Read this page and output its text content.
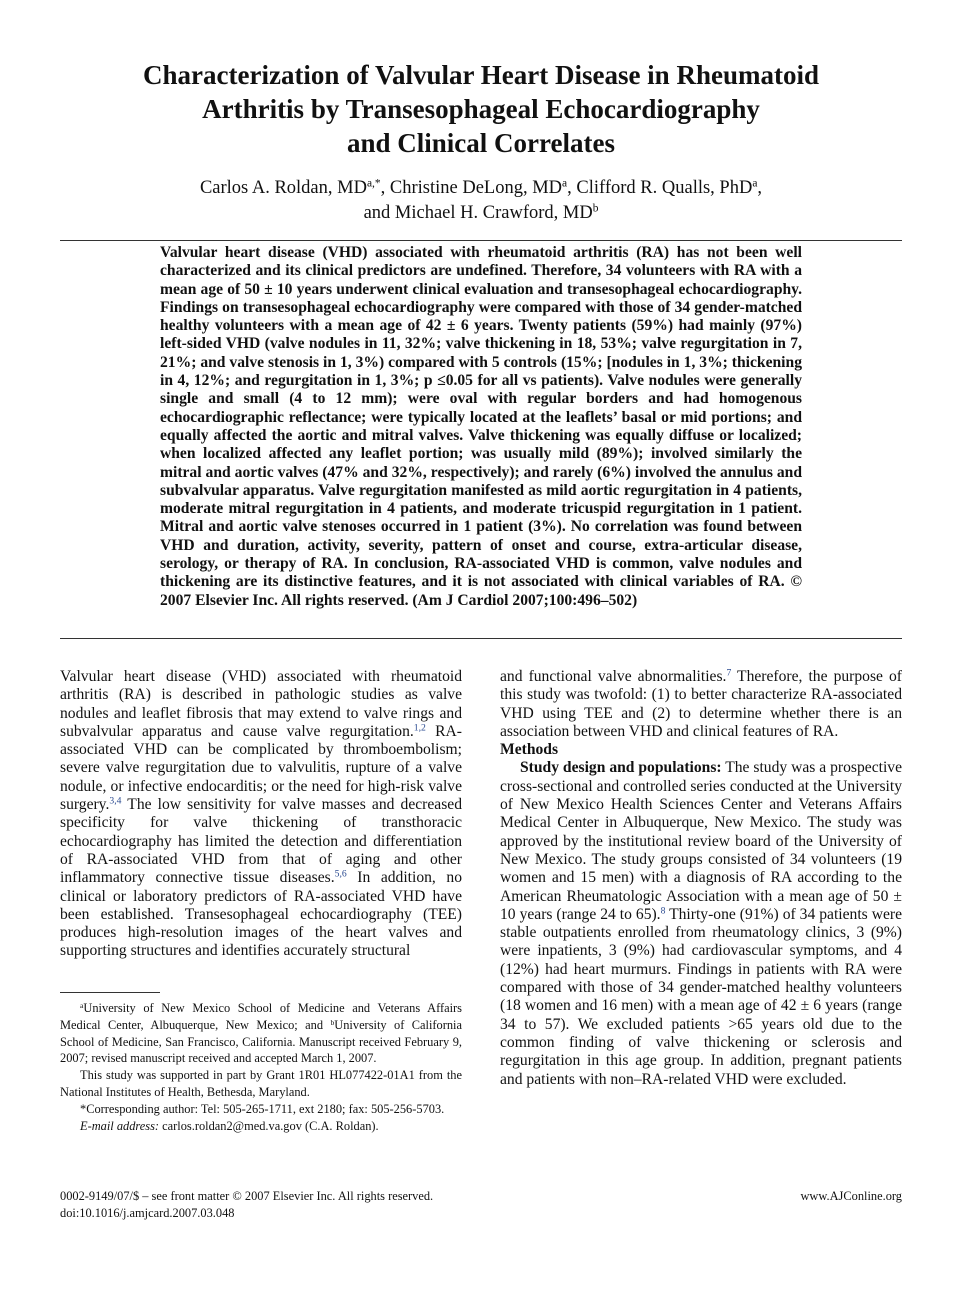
Characterization of Valvular Heart Disease in Rheumatoid
Arthritis by Transesophageal Echocardiography
and Clinical Correlates
Carlos A. Roldan, $MD^{a,*}$, Christine DeLong, $MD^a$, Clifford R. Qualls, PhD$^a$,
and Michael H. Crawford, $MD^b$
Valvular heart disease (VHD) associated with rheumatoid arthritis (RA) has not been well characterized and its clinical predictors are undefined. Therefore, 34 volunteers with RA with a mean age of 50 ± 10 years underwent clinical evaluation and transesophageal echocardiography. Findings on transesophageal echocardiography were compared with those of 34 gender-matched healthy volunteers with a mean age of 42 ± 6 years. Twenty patients (59%) had mainly (97%) left-sided VHD (valve nodules in 11, 32%; valve thickening in 18, 53%; valve regurgitation in 7, 21%; and valve stenosis in 1, 3%) compared with 5 controls (15%; [nodules in 1, 3%; thickening in 4, 12%; and regurgitation in 1, 3%; p ≤0.05 for all vs patients). Valve nodules were generally single and small (4 to 12 mm); were oval with regular borders and had homogenous echocardiographic reflectance; were typically located at the leaflets’ basal or mid portions; and equally affected the aortic and mitral valves. Valve thickening was equally diffuse or localized; when localized affected any leaflet portion; was usually mild (89%); involved similarly the mitral and aortic valves (47% and 32%, respectively); and rarely (6%) involved the annulus and subvalvular apparatus. Valve regurgitation manifested as mild aortic regurgitation in 4 patients, moderate mitral regurgitation in 4 patients, and moderate tricuspid regurgitation in 1 patient. Mitral and aortic valve stenoses occurred in 1 patient (3%). No correlation was found between VHD and duration, activity, severity, pattern of onset and course, extra-articular disease, serology, or therapy of RA. In conclusion, RA-associated VHD is common, valve nodules and thickening are its distinctive features, and it is not associated with clinical variables of RA. © 2007 Elsevier Inc. All rights reserved. (Am J Cardiol 2007;100:496–502)

Valvular heart disease (VHD) associated with rheumatoid arthritis (RA) is described in pathologic studies as valve nodules and leaflet fibrosis that may extend to valve rings and subvalvular apparatus and cause valve regurgitation.$^{1,2}$ RA-associated VHD can be complicated by thromboembolism; severe valve regurgitation due to valvulitis, rupture of a valve nodule, or infective endocarditis; or the need for high-risk valve surgery.$^{3,4}$ The low sensitivity for valve masses and decreased specificity for valve thickening of transthoracic echocardiography has limited the detection and differentiation of RA-associated VHD from that of aging and other inflammatory connective tissue diseases.$^{5,6}$ In addition, no clinical or laboratory predictors of RA-associated VHD have been established. Transesophageal echocardiography (TEE) produces high-resolution images of the heart valves and supporting structures and identifies accurately structural

$^a$University of New Mexico School of Medicine and Veterans Affairs Medical Center, Albuquerque, New Mexico; and $^b$University of California School of Medicine, San Francisco, California. Manuscript received February 9, 2007; revised manuscript received and accepted March 1, 2007.

This study was supported in part by Grant 1R01 HL077422-01A1 from the National Institutes of Health, Bethesda, Maryland.

*Corresponding author: Tel: 505-265-1711, ext 2180; fax: 505-256-5703.

E-mail address: carlos.roldan2@med.va.gov (C.A. Roldan).

and functional valve abnormalities.$^7$ Therefore, the purpose of this study was twofold: (1) to better characterize RA-associated VHD using TEE and (2) to determine whether there is an association between VHD and clinical features of RA.

Methods

Study design and populations: The study was a prospective cross-sectional and controlled series conducted at the University of New Mexico Health Sciences Center and Veterans Affairs Medical Center in Albuquerque, New Mexico. The study was approved by the institutional review board of the University of New Mexico. The study groups consisted of 34 volunteers (19 women and 15 men) with a diagnosis of RA according to the American Rheumatologic Association with a mean age of 50 ± 10 years (range 24 to 65).$^8$ Thirty-one (91%) of 34 patients were stable outpatients enrolled from rheumatology clinics, 3 (9%) were inpatients, 3 (9%) had cardiovascular symptoms, and 4 (12%) had heart murmurs. Findings in patients with RA were compared with those of 34 gender-matched healthy volunteers (18 women and 16 men) with a mean age of 42 ± 6 years (range 34 to 57). We excluded patients >65 years old due to the common finding of valve thickening or sclerosis and regurgitation in this age group. In addition, pregnant patients and patients with non–RA-related VHD were excluded.

0002-9149/07/$ – see front matter © 2007 Elsevier Inc. All rights reserved.
doi:10.1016/j.amjcard.2007.03.048
www.AJConline.org
